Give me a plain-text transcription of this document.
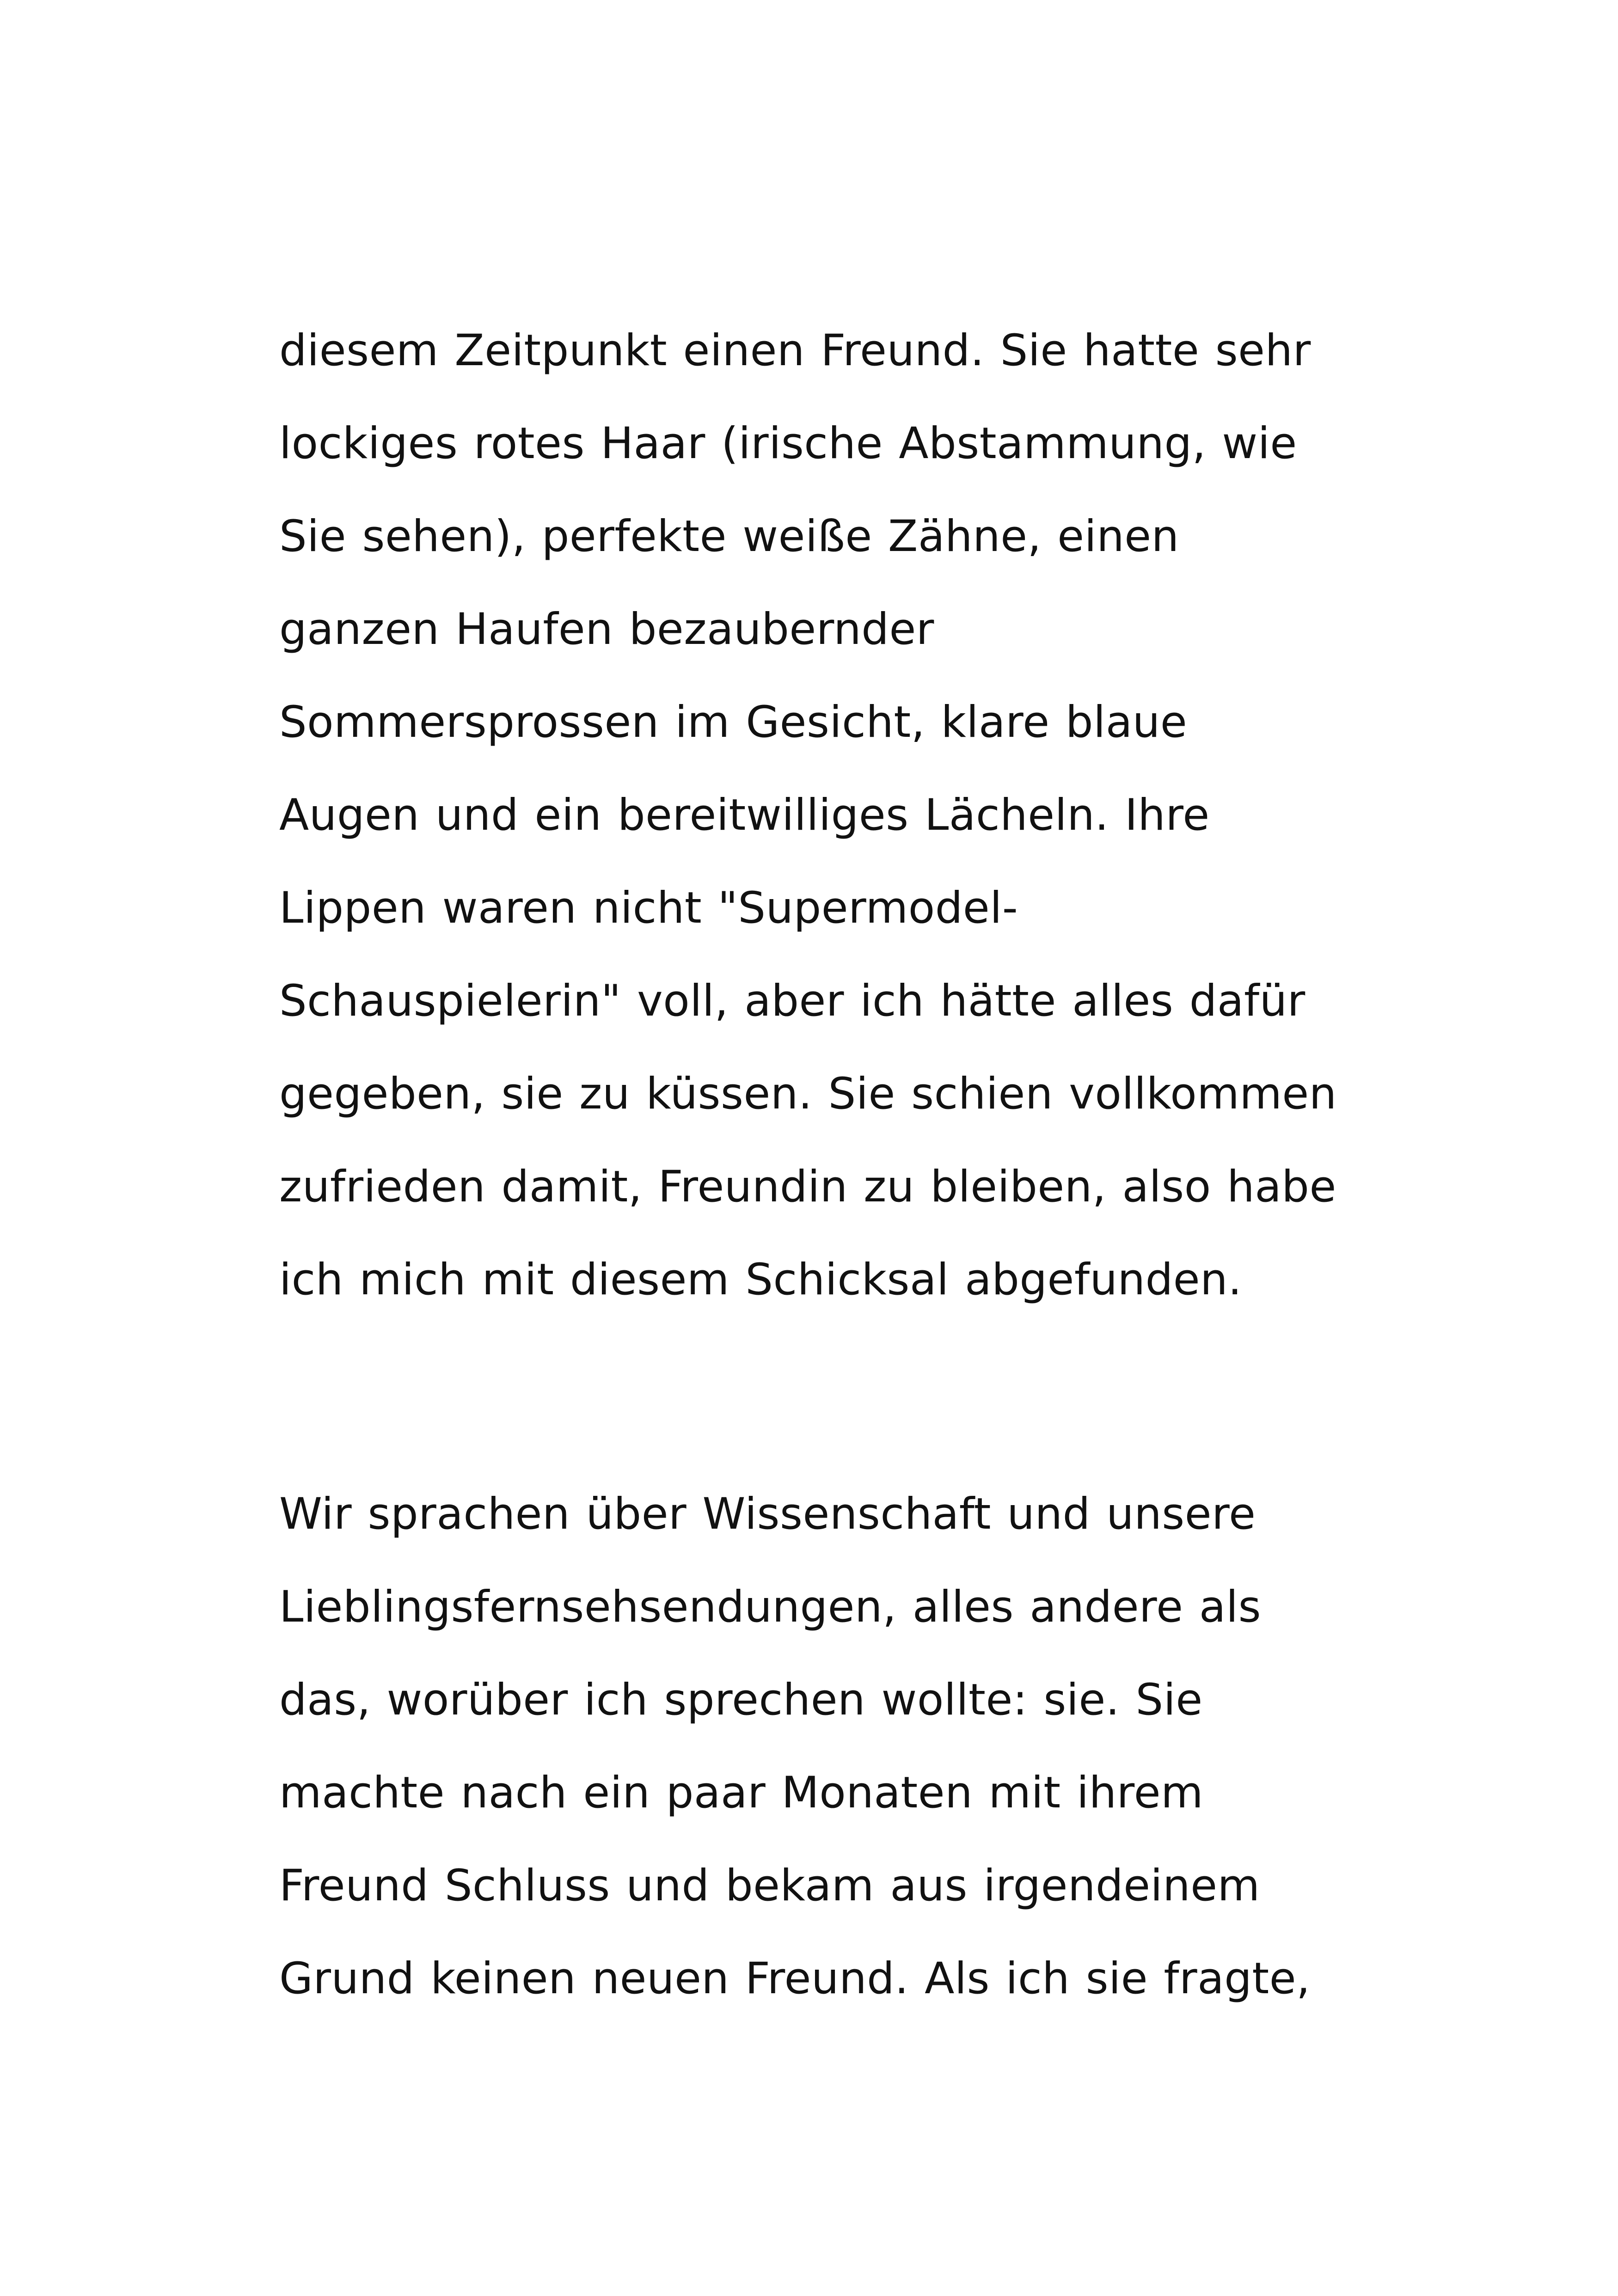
diesem Zeitpunkt einen Freund. Sie hatte sehr
lockiges rotes Haar (irische Abstammung, wie
Sie sehen), perfekte weiße Zähne, einen
ganzen Haufen bezaubernder
Sommersprossen im Gesicht, klare blaue
Augen und ein bereitwilliges Lächeln. Ihre
Lippen waren nicht "Supermodel-
Schauspielerin" voll, aber ich hätte alles dafür
gegeben, sie zu küssen. Sie schien vollkommen
zufrieden damit, Freundin zu bleiben, also habe
ich mich mit diesem Schicksal abgefunden.
Wir sprachen über Wissenschaft und unsere
Lieblingsfernsehsendungen, alles andere als
das, worüber ich sprechen wollte: sie. Sie
machte nach ein paar Monaten mit ihrem
Freund Schluss und bekam aus irgendeinem
Grund keinen neuen Freund. Als ich sie fragte,
